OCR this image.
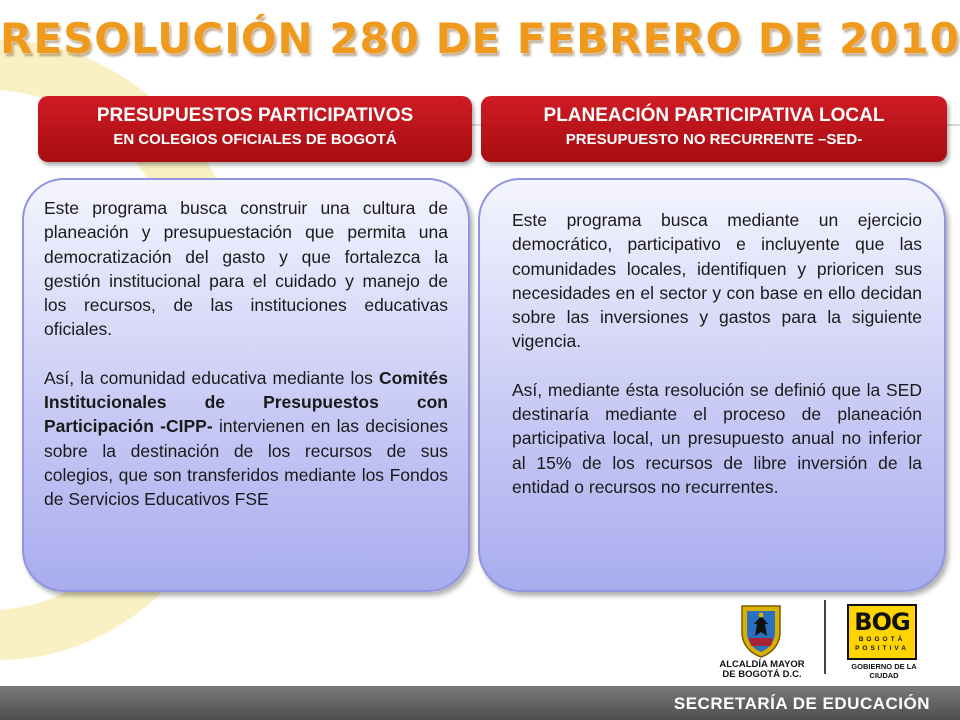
RESOLUCIÓN 280 DE FEBRERO DE 2010
PRESUPUESTOS PARTICIPATIVOS
EN COLEGIOS OFICIALES DE BOGOTÁ
PLANEACIÓN PARTICIPATIVA LOCAL
PRESUPUESTO NO RECURRENTE –SED-

Este programa busca construir una cultura de planeación y presupuestación que permita una democratización del gasto y que fortalezca la gestión institucional para el cuidado y manejo de los recursos, de las instituciones educativas oficiales.

Así, la comunidad educativa mediante los Comités Institucionales de Presupuestos con Participación -CIPP- intervienen en las decisiones sobre la destinación de los recursos de sus colegios, que son transferidos mediante los Fondos de Servicios Educativos FSE

Este programa busca mediante un ejercicio democrático, participativo e incluyente que las comunidades locales, identifiquen y prioricen sus necesidades en el sector y con base en ello decidan sobre las inversiones y gastos para la siguiente vigencia.

Así, mediante ésta resolución se definió que la SED destinaría mediante el proceso de planeación participativa local, un presupuesto anual no inferior al 15% de los recursos de libre inversión de la entidad o recursos no recurrentes.

ALCALDÍA MAYOR
DE BOGOTÁ D.C.
BOG
BOGOTÁ
POSITIVA
GOBIERNO DE LA CIUDAD
SECRETARÍA DE EDUCACIÓN
